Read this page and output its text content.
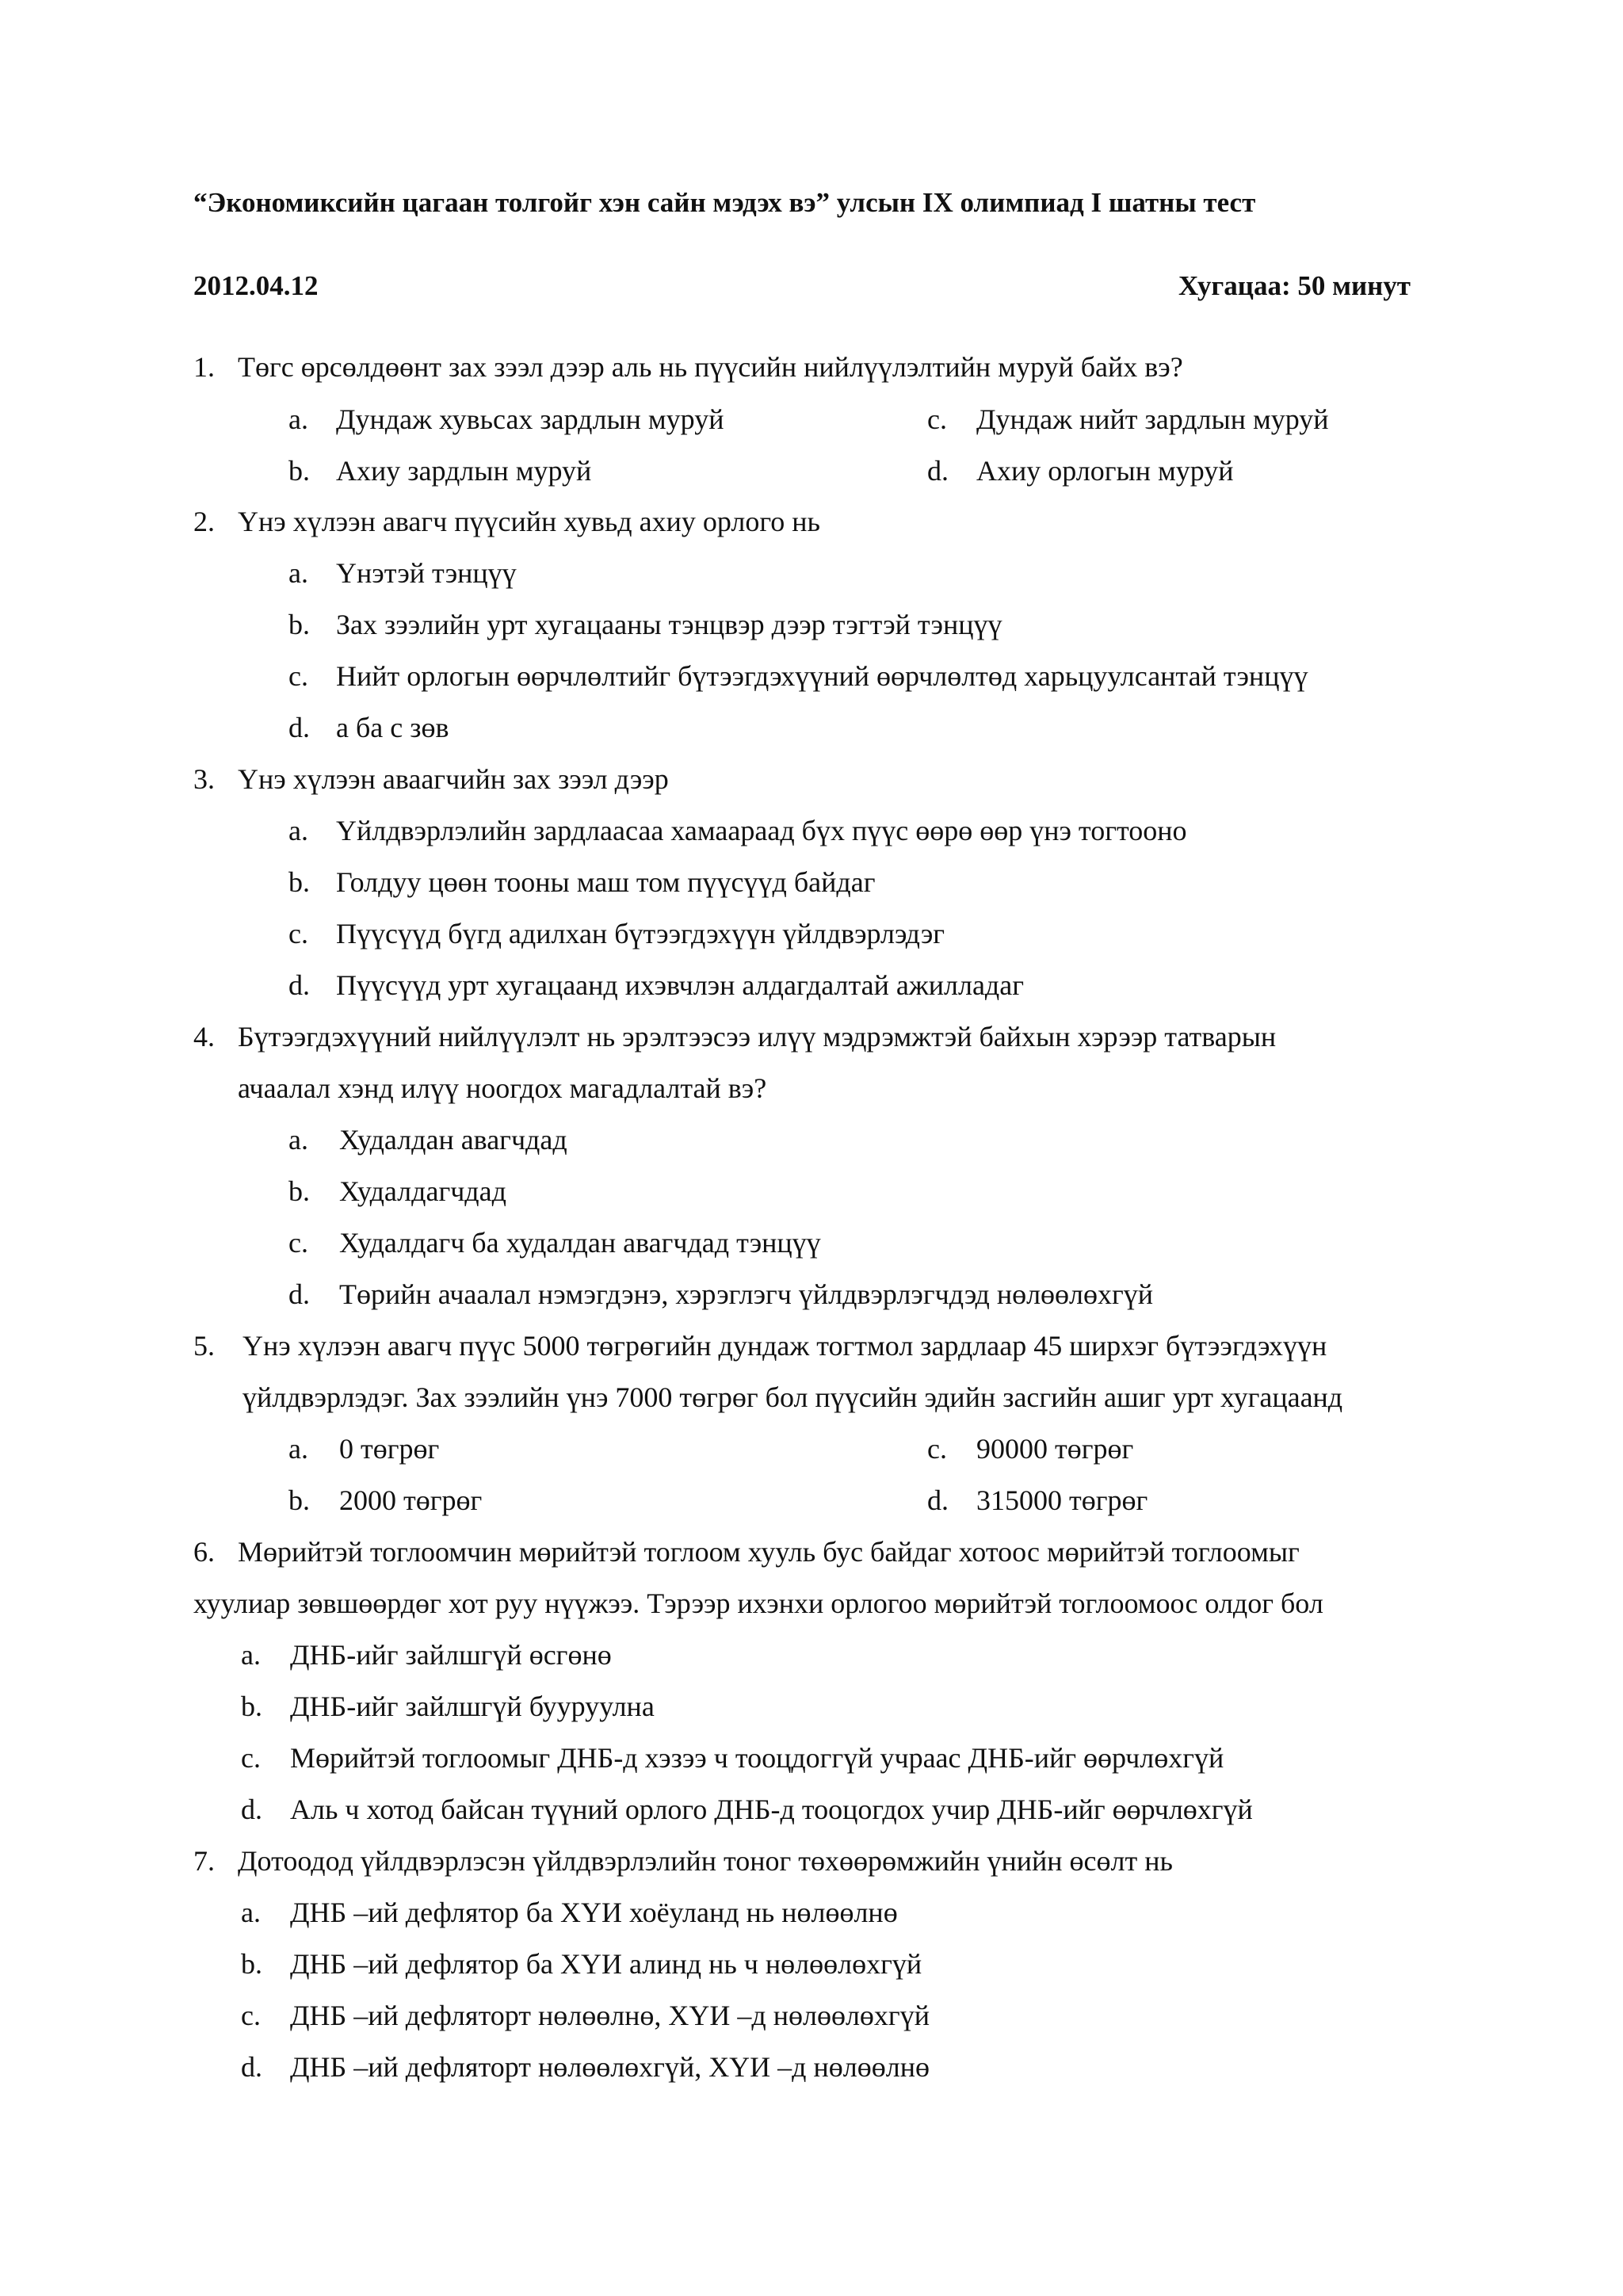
“Экономиксийн цагаан толгойг хэн сайн мэдэх вэ” улсын IX олимпиад I шатны тест
2012.04.12	Хугацаа: 50 минут
1. Төгс өрсөлдөөнт зах зээл дээр аль нь пүүсийн нийлүүлэлтийн муруй байх вэ?
a. Дундаж хувьсах зардлын муруй	c. Дундаж нийт зардлын муруй
b. Ахиу зардлын муруй	d. Ахиу орлогын муруй
2. Үнэ хүлээн авагч пүүсийн хувьд ахиу орлого нь
a. Үнэтэй тэнцүү
b. Зах зээлийн урт хугацааны тэнцвэр дээр тэгтэй тэнцүү
c. Нийт орлогын өөрчлөлтийг бүтээгдэхүүний өөрчлөлтөд харьцуулсантай тэнцүү
d. a ба c зөв
3. Үнэ хүлээн аваагчийн зах зээл дээр
a. Үйлдвэрлэлийн зардлаасаа хамаараад бүх пүүс өөрө өөр үнэ тогтооно
b. Голдуу цөөн тооны маш том пүүсүүд байдаг
c. Пүүсүүд бүгд адилхан бүтээгдэхүүн үйлдвэрлэдэг
d. Пүүсүүд урт хугацаанд ихэвчлэн алдагдалтай ажилладаг
4. Бүтээгдэхүүний нийлүүлэлт нь эрэлтээсээ илүү мэдрэмжтэй байхын хэрээр татварын
ачаалал хэнд илүү ноогдох магадлалтай вэ?
a. Худалдан авагчдад
b. Худалдагчдад
c. Худалдагч ба худалдан авагчдад тэнцүү
d. Төрийн ачаалал нэмэгдэнэ, хэрэглэгч үйлдвэрлэгчдэд нөлөөлөхгүй
5. Үнэ хүлээн авагч пүүс 5000 төгрөгийн дундаж тогтмол зардлаар 45 ширхэг бүтээгдэхүүн
үйлдвэрлэдэг. Зах зээлийн үнэ 7000 төгрөг бол пүүсийн эдийн засгийн ашиг урт хугацаанд
a. 0 төгрөг	c. 90000 төгрөг
b. 2000 төгрөг	d. 315000 төгрөг
6. Мөрийтэй тоглоомчин мөрийтэй тоглоом хууль бус байдаг хотоос мөрийтэй тоглоомыг
хуулиар зөвшөөрдөг хот руу нүүжээ. Тэрээр ихэнхи орлогоо мөрийтэй тоглоомоос олдог бол
a. ДНБ-ийг зайлшгүй өсгөнө
b. ДНБ-ийг зайлшгүй бууруулна
c. Мөрийтэй тоглоомыг ДНБ-д хэзээ ч тооцдоггүй учраас ДНБ-ийг өөрчлөхгүй
d. Аль ч хотод байсан түүний орлого ДНБ-д тооцогдох учир ДНБ-ийг өөрчлөхгүй
7. Дотоодод үйлдвэрлэсэн үйлдвэрлэлийн тоног төхөөрөмжийн үнийн өсөлт нь
a. ДНБ –ий дефлятор ба ХҮИ хоёуланд нь нөлөөлнө
b. ДНБ –ий дефлятор ба ХҮИ алинд нь ч нөлөөлөхгүй
c. ДНБ –ий дефляторт нөлөөлнө, ХҮИ –д нөлөөлөхгүй
d. ДНБ –ий дефляторт нөлөөлөхгүй, ХҮИ –д нөлөөлнө
